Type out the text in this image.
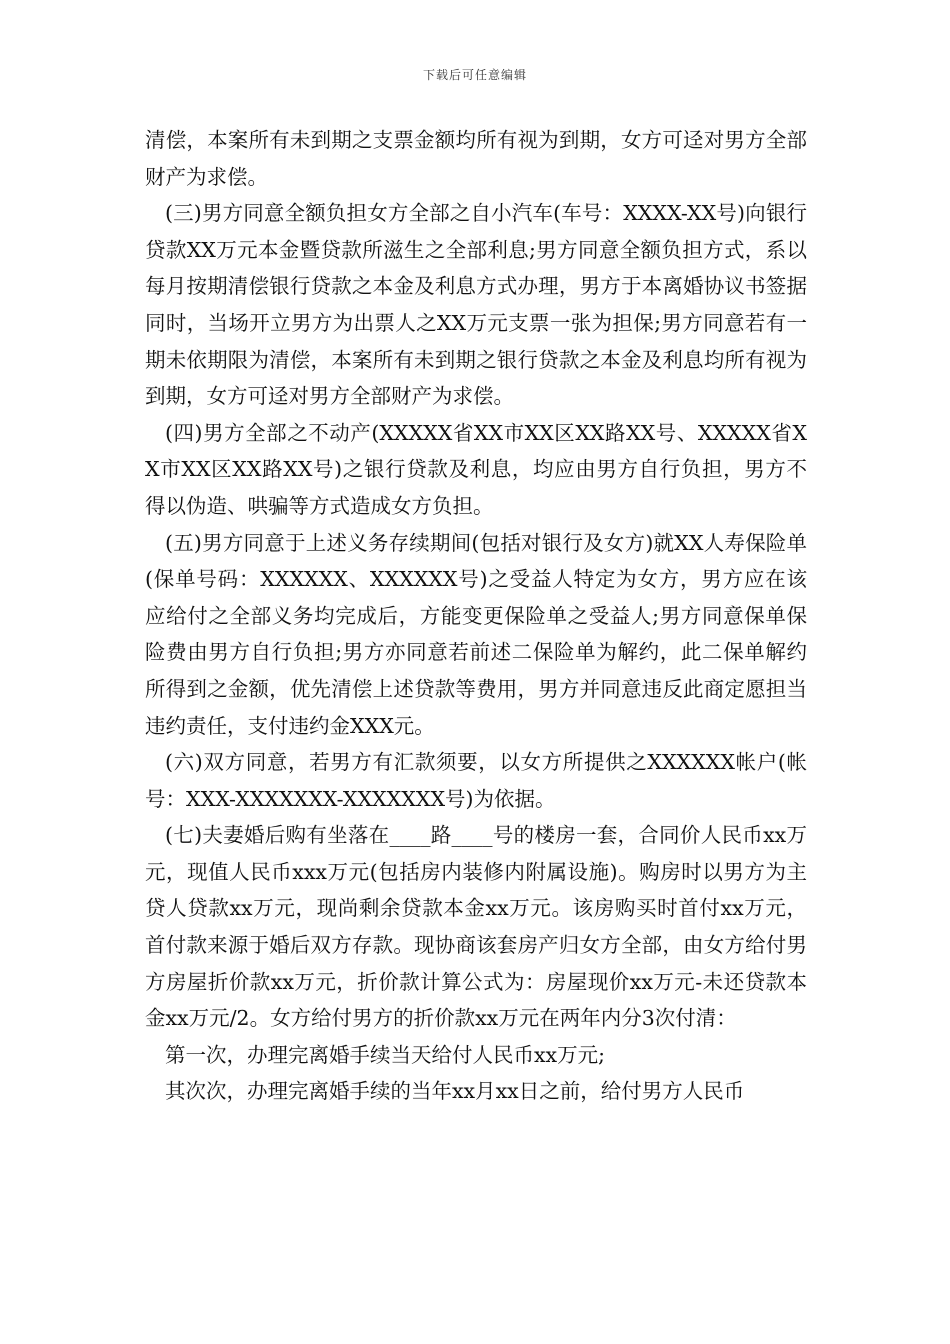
下载后可任意编辑

清偿，本案所有未到期之支票金额均所有视为到期，女方可迳对男方全部财产为求偿。

(三)男方同意全额负担女方全部之自小汽车(车号：XXXX-XX号)向银行贷款XX万元本金暨贷款所滋生之全部利息;男方同意全额负担方式，系以每月按期清偿银行贷款之本金及利息方式办理，男方于本离婚协议书签据同时，当场开立男方为出票人之XX万元支票一张为担保;男方同意若有一期未依期限为清偿，本案所有未到期之银行贷款之本金及利息均所有视为到期，女方可迳对男方全部财产为求偿。

(四)男方全部之不动产(XXXXX省XX市XX区XX路XX号、XXXXX省XX市XX区XX路XX号)之银行贷款及利息，均应由男方自行负担，男方不得以伪造、哄骗等方式造成女方负担。

(五)男方同意于上述义务存续期间(包括对银行及女方)就XX人寿保险单(保单号码：XXXXXX、XXXXXX号)之受益人特定为女方，男方应在该应给付之全部义务均完成后，方能变更保险单之受益人;男方同意保单保险费由男方自行负担;男方亦同意若前述二保险单为解约，此二保单解约所得到之金额，优先清偿上述贷款等费用，男方并同意违反此商定愿担当违约责任，支付违约金XXX元。

(六)双方同意，若男方有汇款须要，以女方所提供之XXXXXX帐户(帐号：XXX-XXXXXXX-XXXXXXX号)为依据。

(七)夫妻婚后购有坐落在____路____号的楼房一套，合同价人民币xx万元，现值人民币xxx万元(包括房内装修内附属设施)。购房时以男方为主贷人贷款xx万元，现尚剩余贷款本金xx万元。该房购买时首付xx万元，首付款来源于婚后双方存款。现协商该套房产归女方全部，由女方给付男方房屋折价款xx万元，折价款计算公式为：房屋现价xx万元-未还贷款本金xx万元/2。女方给付男方的折价款xx万元在两年内分3次付清：

第一次，办理完离婚手续当天给付人民币xx万元;

其次次，办理完离婚手续的当年xx月xx日之前，给付男方人民币
